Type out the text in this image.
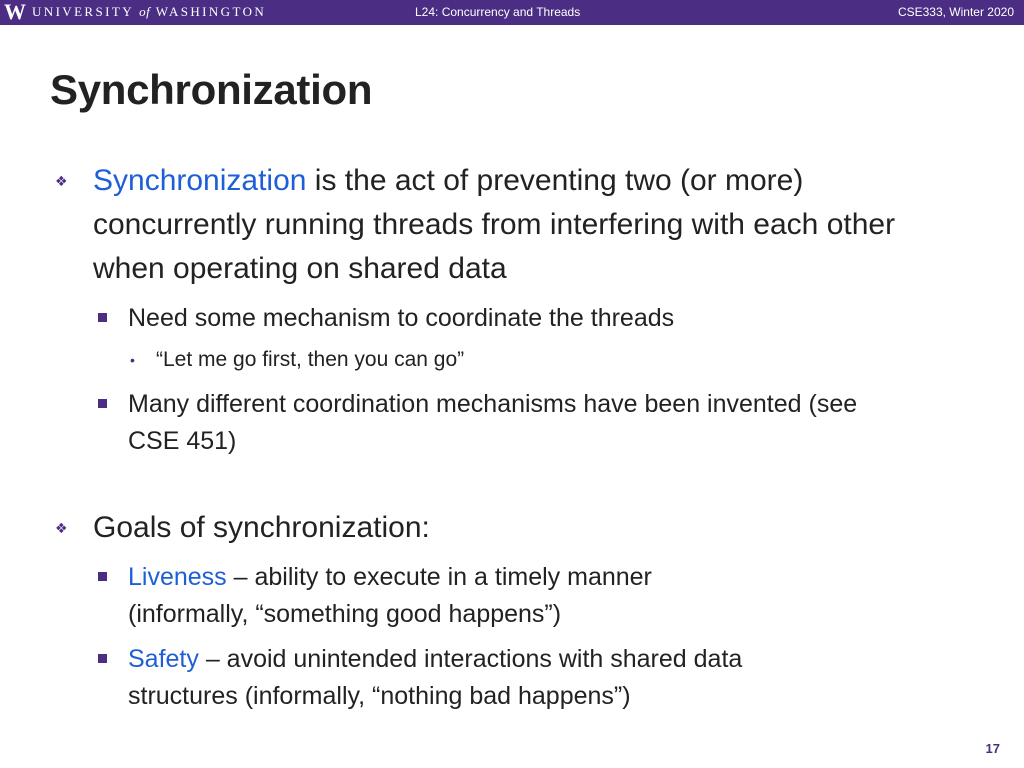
W UNIVERSITY of WASHINGTON	L24: Concurrency and Threads	CSE333, Winter 2020
Synchronization
❖ Synchronization is the act of preventing two (or more) concurrently running threads from interfering with each other when operating on shared data
Need some mechanism to coordinate the threads
• “Let me go first, then you can go”
Many different coordination mechanisms have been invented (see CSE 451)
❖ Goals of synchronization:
Liveness – ability to execute in a timely manner
(informally, “something good happens”)
Safety – avoid unintended interactions with shared data structures (informally, “nothing bad happens”)
17
